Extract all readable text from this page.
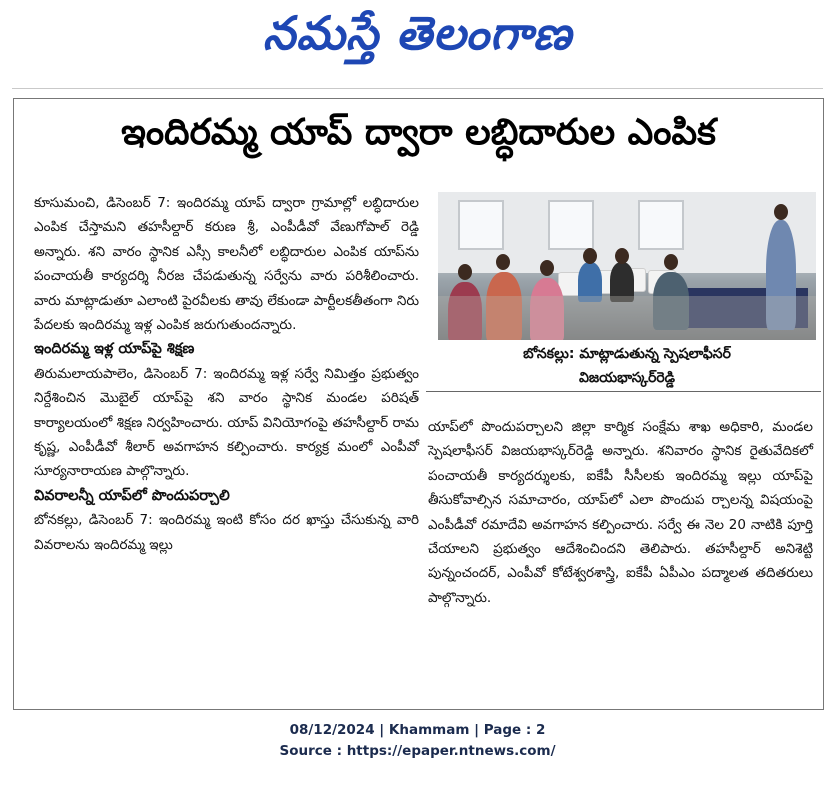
నమస్తే తెలంగాణ
ఇందిరమ్మ యాప్ ద్వారా లబ్ధిదారుల ఎంపిక

కూసుమంచి, డిసెంబర్ 7: ఇందిరమ్మ యాప్ ద్వారా గ్రామాల్లో లబ్ధిదారుల ఎంపిక చేస్తామని తహసీల్దార్ కరుణ శ్రీ, ఎంపీడీవో వేణుగోపాల్ రెడ్డి అన్నారు. శని వారం స్థానిక ఎస్సీ కాలనీలో లబ్ధిదారుల ఎంపిక యాప్‌ను పంచాయతీ కార్యదర్శి నీరజ చేపడుతున్న సర్వేను వారు పరిశీలించారు. వారు మాట్లాడుతూ ఎలాంటి పైరవీలకు తావు లేకుండా పార్టీలకతీతంగా నిరు పేదలకు ఇందిరమ్మ ఇళ్ల ఎంపిక జరుగుతుందన్నారు.

ఇందిరమ్మ ఇళ్ల యాప్‌పై శిక్షణ

తిరుమలాయపాలెం, డిసెంబర్ 7: ఇందిరమ్మ ఇళ్ల సర్వే నిమిత్తం ప్రభుత్వం నిర్దేశించిన మొబైల్ యాప్‌పై శని వారం స్థానిక మండల పరిషత్ కార్యాలయంలో శిక్షణ నిర్వహించారు. యాప్ వినియోగంపై తహసీల్దార్ రామ కృష్ణ, ఎంపీడీవో శీలార్ అవగాహన కల్పించారు. కార్యక్ర మంలో ఎంపీవో సూర్యనారాయణ పాల్గొన్నారు.

వివరాలన్నీ యాప్‌లో పొందుపర్చాలి

బోనకల్లు, డిసెంబర్ 7: ఇందిరమ్మ ఇంటి కోసం దర ఖాస్తు చేసుకున్న వారి వివరాలను ఇందిరమ్మ ఇల్లు

బోనకల్లు: మాట్లాడుతున్న స్పెషలాఫీసర్
విజయభాస్కర్‌రెడ్డి

యాప్‌లో పొందుపర్చాలని జిల్లా కార్మిక సంక్షేమ శాఖ అధికారి, మండల స్పెషలాఫీసర్ విజయభాస్కర్‌రెడ్డి అన్నారు. శనివారం స్థానిక రైతువేదికలో పంచాయతీ కార్యదర్శులకు, ఐకేపీ సీసీలకు ఇందిరమ్మ ఇల్లు యాప్‌పై తీసుకోవాల్సిన సమాచారం, యాప్‌లో ఎలా పొందుప ర్చాలన్న విషయంపై ఎంపీడీవో రమాదేవి అవగాహన కల్పించారు. సర్వే ఈ నెల 20 నాటికి పూర్తి చేయాలని ప్రభుత్వం ఆదేశించిందని తెలిపారు. తహసీల్దార్ అనిశెట్టి పున్నంచందర్, ఎంపీవో కోటేశ్వరశాస్త్రి, ఐకేపీ ఏపీఎం పద్మాలత తదితరులు పాల్గొన్నారు.

08/12/2024 | Khammam | Page : 2
Source : https://epaper.ntnews.com/
